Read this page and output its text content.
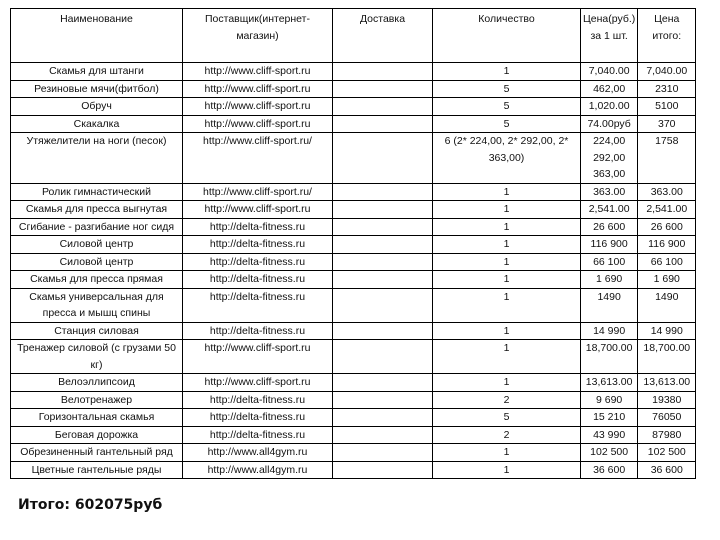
Наименование	Поставщик(интернет-магазин)	Доставка	Количество	Цена(руб.) за 1 шт.	Цена итого:
Скамья для штанги	http://www.cliff-sport.ru		1	7,040.00	7,040.00
Резиновые мячи(фитбол)	http://www.cliff-sport.ru		5	462,00	2310
Обруч	http://www.cliff-sport.ru		5	1,020.00	5100
Скакалка	http://www.cliff-sport.ru		5	74.00руб	370
Утяжелители на ноги (песок)	http://www.cliff-sport.ru/		6 (2* 224,00, 2* 292,00, 2* 363,00)	224,00 292,00 363,00	1758
Ролик гимнастический	http://www.cliff-sport.ru/		1	363.00	363.00
Скамья для пресса выгнутая	http://www.cliff-sport.ru		1	2,541.00	2,541.00
Сгибание - разгибание ног сидя	http://delta-fitness.ru		1	26 600	26 600
Силовой центр	http://delta-fitness.ru		1	116 900	116 900
Силовой центр	http://delta-fitness.ru		1	66 100	66 100
Скамья для пресса прямая	http://delta-fitness.ru		1	1 690	1 690
Скамья универсальная для пресса и мышц спины	http://delta-fitness.ru		1	1490	1490
Станция силовая	http://delta-fitness.ru		1	14 990	14 990
Тренажер силовой (с грузами 50 кг)	http://www.cliff-sport.ru		1	18,700.00	18,700.00
Велоэллипсоид	http://www.cliff-sport.ru		1	13,613.00	13,613.00
Велотренажер	http://delta-fitness.ru		2	9 690	19380
Горизонтальная скамья	http://delta-fitness.ru		5	15 210	76050
Беговая дорожка	http://delta-fitness.ru		2	43 990	87980
Обрезиненный гантельный ряд	http://www.all4gym.ru		1	102 500	102 500
Цветные гантельные ряды	http://www.all4gym.ru		1	36 600	36 600
Итого: 602075руб
